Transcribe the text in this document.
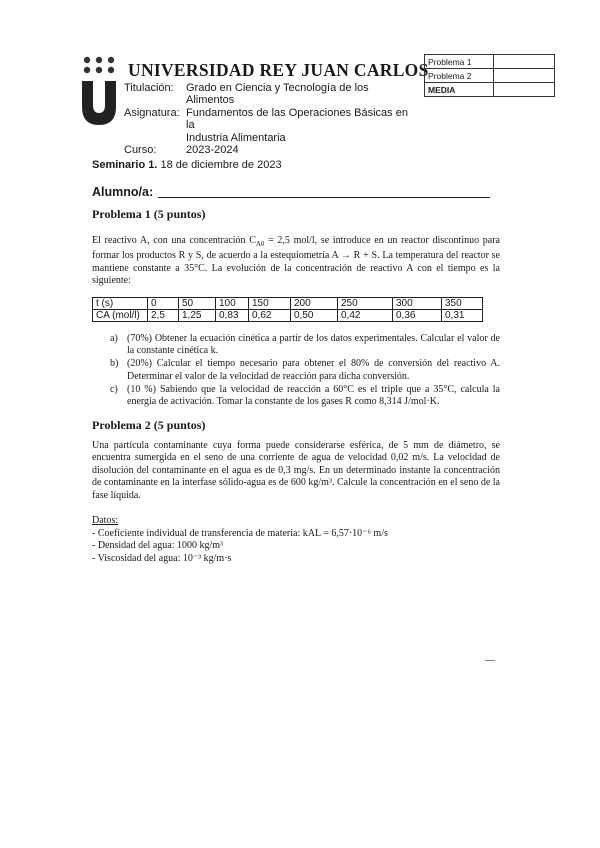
UNIVERSIDAD REY JUAN CARLOS
Titulación:	Grado en Ciencia y Tecnología de los Alimentos
Asignatura: Fundamentos de las Operaciones Básicas en la
Industria Alimentaria
Curso:	2023-2024
Problema 1	
Problema 2	
MEDIA	
Seminario 1. 18 de diciembre de 2023
Alumno/a:
Problema 1 (5 puntos)
El reactivo A, con una concentración $C_{A0} = 2,5$ mol/l, se introduce en un reactor discontinuo para formar los productos R y S, de acuerdo a la estequiometría A → R + S. La temperatura del reactor se mantiene constante a 35°C. La evolución de la concentración de reactivo A con el tiempo es la siguiente:
t (s)	0	50	100	150	200	250	300	350
CA (mol/l)	2,5	1,25	0,83	0,62	0,50	0,42	0,36	0,31
a) (70%) Obtener la ecuación cinética a partir de los datos experimentales. Calcular el valor de la constante cinética k.
b) (20%) Calcular el tiempo necesario para obtener el 80% de conversión del reactivo A. Determinar el valor de la velocidad de reacción para dicha conversión.
c) (10 %) Sabiendo que la velocidad de reacción a 60°C es el triple que a 35°C, calcula la energía de activación. Tomar la constante de los gases R como 8,314 J/mol·K.
Problema 2 (5 puntos)
Una partícula contaminante cuya forma puede considerarse esférica, de 5 mm de diámetro, se encuentra sumergida en el seno de una corriente de agua de velocidad 0,02 m/s. La velocidad de disolución del contaminante en el agua es de 0,3 mg/s. En un determinado instante la concentración de contaminante en la interfase sólido-agua es de 600 kg/m³. Calcule la concentración en el seno de la fase líquida.
Datos:
- Coeficiente individual de transferencia de materia: kAL = 6,57·10⁻⁶ m/s
- Densidad del agua: 1000 kg/m³
- Viscosidad del agua: 10⁻³ kg/m·s
